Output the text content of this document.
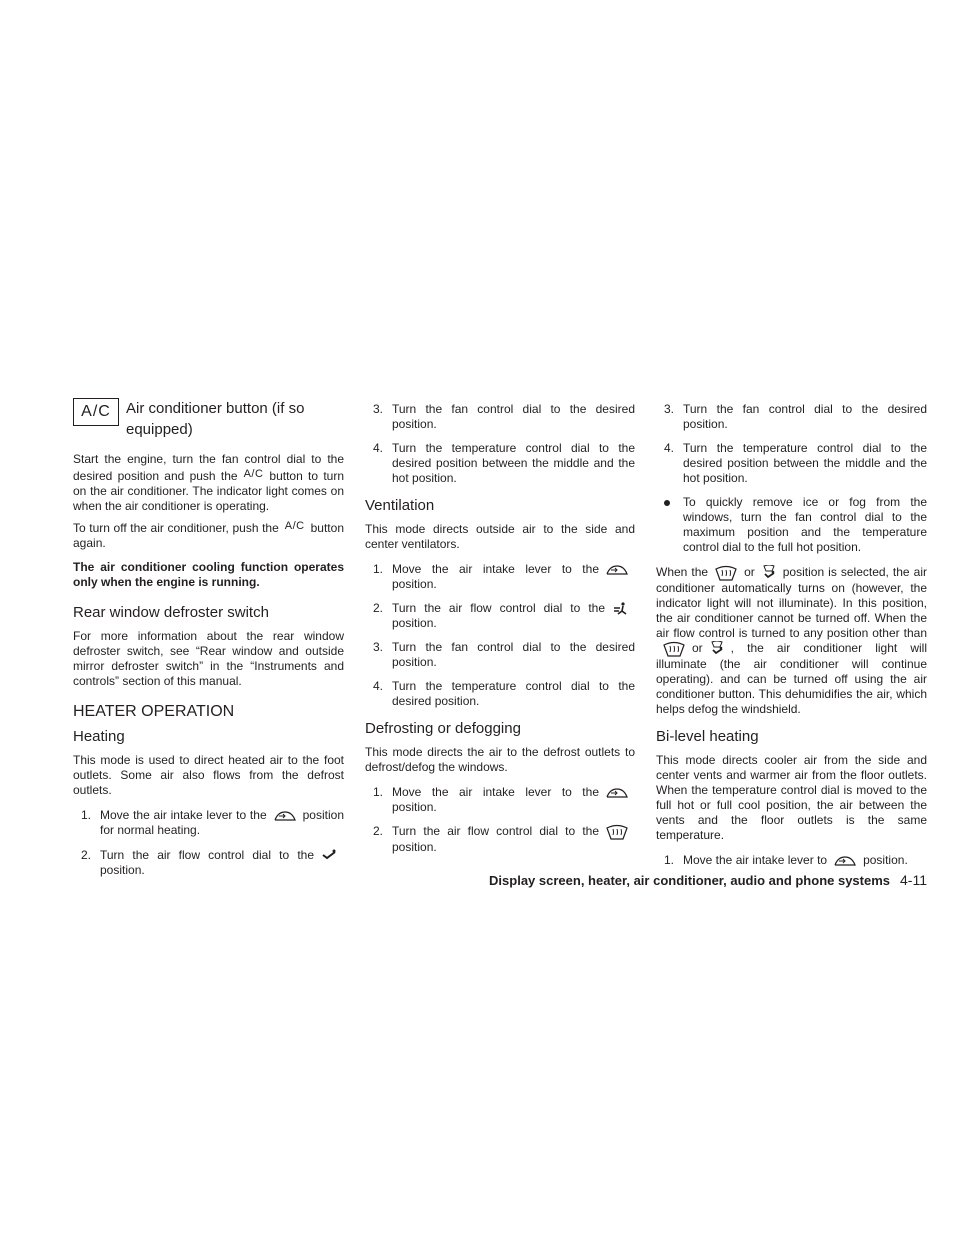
A/C	Air conditioner button (if so equipped)

Start the engine, turn the fan control dial to the desired position and push the A/C button to turn on the air conditioner. The indicator light comes on when the air conditioner is operating.

To turn off the air conditioner, push the A/C button again.

The air conditioner cooling function operates only when the engine is running.

Rear window defroster switch

For more information about the rear window defroster switch, see “Rear window and outside mirror defroster switch” in the “Instruments and controls” section of this manual.

HEATER OPERATION
Heating

This mode is used to direct heated air to the foot outlets. Some air also flows from the defrost outlets.

1. Move the air intake lever to the	position for normal heating.
2. Turn the air flow control dial to the
position.
3. Turn the fan control dial to the desired position.
4. Turn the temperature control dial to the desired position between the middle and the hot position.
Ventilation

This mode directs outside air to the side and center ventilators.

1. Move the air intake lever to the
position.
2. Turn the air flow control dial to the
position.
3. Turn the fan control dial to the desired position.
4. Turn the temperature control dial to the desired position.
Defrosting or defogging

This mode directs the air to the defrost outlets to defrost/defog the windows.

1. Move the air intake lever to the
position.
2. Turn the air flow control dial to the
position.
3. Turn the fan control dial to the desired position.
4. Turn the temperature control dial to the desired position between the middle and the hot position.
To quickly remove ice or fog from the windows, turn the fan control dial to the maximum position and the temperature control dial to the full hot position.

When the	or position is selected, the air conditioner automatically turns on (however, the indicator light will not illuminate). In this position, the air conditioner cannot be turned off. When the air flow control is turned to any position other than
or , the air conditioner light will illuminate (the air conditioner will continue operating). and can be turned off using the air conditioner button. This dehumidifies the air, which helps defog the windshield.

Bi-level heating

This mode directs cooler air from the side and center vents and warmer air from the floor outlets. When the temperature control dial is moved to the full hot or full cool position, the air between the vents and the floor outlets is the same temperature.

1. Move the air intake lever to	position.
Display screen, heater, air conditioner, audio and phone systems 4-11
